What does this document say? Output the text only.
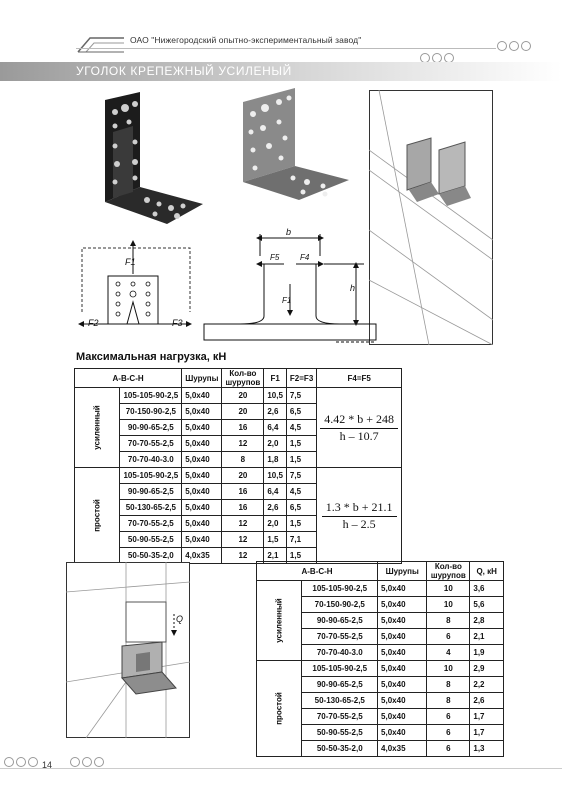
ОАО "Нижегородский опытно-экспериментальный завод"
УГОЛОК КРЕПЕЖНЫЙ УСИЛЕНЫЙ
F1
F2	F3
b
F5	F4
h
F1
Максимальная нагрузка, кН
A-B-C-H		Шурупы	Кол-во шурупов	F1	F2=F3	F4=F5

усиленный	105-105-90-2,5	5,0x40	20	10,5	7,5	4.42 * b + 248
h – 10.7
	70-150-90-2,5	5,0x40	20	2,6	6,5	
	90-90-65-2,5	5,0x40	16	6,4	4,5	
	70-70-55-2,5	5,0x40	12	2,0	1,5	
	70-70-40-3.0	5,0x40	8	1,8	1,5	

простой	105-105-90-2,5	5,0x40	20	10,5	7,5	1.3 * b + 21.1
h – 2.5
	90-90-65-2,5	5,0x40	16	6,4	4,5	
	50-130-65-2,5	5,0x40	16	2,6	6,5	
	70-70-55-2,5	5,0x40	12	2,0	1,5	
	50-90-55-2,5	5,0x40	12	1,5	7,1	
	50-50-35-2,0	4,0x35	12	2,1	1,5	
Q
A-B-C-H		Шурупы	Кол-во шурупов	Q, кН

усиленный	105-105-90-2,5	5,0x40	10	3,6
	70-150-90-2,5	5,0x40	10	5,6
	90-90-65-2,5	5,0x40	8	2,8
	70-70-55-2,5	5,0x40	6	2,1
	70-70-40-3.0	5,0x40	4	1,9

простой	105-105-90-2,5	5,0x40	10	2,9
	90-90-65-2,5	5,0x40	8	2,2
	50-130-65-2,5	5,0x40	8	2,6
	70-70-55-2,5	5,0x40	6	1,7
	50-90-55-2,5	5,0x40	6	1,7
	50-50-35-2,0	4,0x35	6	1,3
14
